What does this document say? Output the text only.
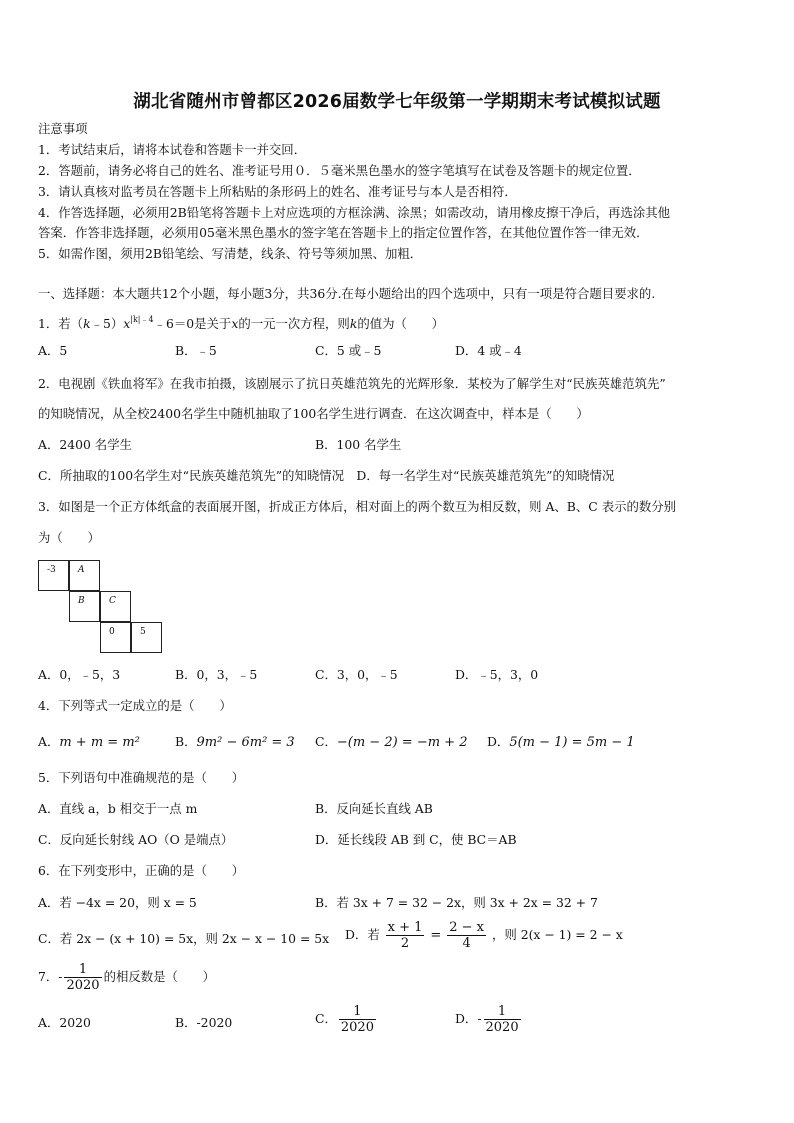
湖北省随州市曾都区2026届数学七年级第一学期期末考试模拟试题
注意事项
1．考试结束后，请将本试卷和答题卡一并交回．
2．答题前，请务必将自己的姓名、准考证号用０．５毫米黑色墨水的签字笔填写在试卷及答题卡的规定位置．
3．请认真核对监考员在答题卡上所粘贴的条形码上的姓名、准考证号与本人是否相符．
4．作答选择题，必须用2B铅笔将答题卡上对应选项的方框涂满、涂黑；如需改动，请用橡皮擦干净后，再选涂其他
答案．作答非选择题，必须用05毫米黑色墨水的签字笔在答题卡上的指定位置作答，在其他位置作答一律无效．
5．如需作图，须用2B铅笔绘、写清楚，线条、符号等须加黑、加粗．
一、选择题：本大题共12个小题，每小题3分，共36分.在每小题给出的四个选项中，只有一项是符合题目要求的.
1．若$(k﹣5)x^{|k|﹣4}﹣6=0$是关于x的一元一次方程，则k的值为（　　）
A．5	B．﹣5	C．5 或﹣5	D．4 或﹣4
2．电视剧《铁血将军》在我市拍摄，该剧展示了抗日英雄范筑先的光辉形象．某校为了解学生对“民族英雄范筑先”
的知晓情况，从全校2400名学生中随机抽取了100名学生进行调查．在这次调查中，样本是（　　）
A．2400 名学生	B．100 名学生
C．所抽取的100名学生对“民族英雄范筑先”的知晓情况　D．每一名学生对“民族英雄范筑先”的知晓情况
3．如图是一个正方体纸盒的表面展开图，折成正方体后，相对面上的两个数互为相反数，则 A、B、C 表示的数分别
为（　　）
-3	A
B	C
0	5
A．0，﹣5，3	B．0，3，﹣5	C．3，0，﹣5	D．﹣5，3，0
4．下列等式一定成立的是（　　）
A．m + m = m²	B．9m² − 6m² = 3 C．−(m − 2) = −m + 2 D．5(m − 1) = 5m − 1
5．下列语句中准确规范的是（　　）
A．直线 a，b 相交于一点 m	B．反向延长直线 AB
C．反向延长射线 AO（O 是端点）	D．延长线段 AB 到 C，使 BC＝AB
6．在下列变形中，正确的是（　　）
A．若 −4x = 20，则 x = 5	B．若 3x + 7 = 32 − 2x，则 3x + 2x = 32 + 7
C．若 2x − (x + 10) = 5x，则 2x − x − 10 = 5x D．若 $\frac{x + 1}{2} = \frac{2 - x}{4}$ ，则 2(x − 1) = 2 − x
7．- $\frac{1}{2020}$ 的相反数是（　　）
A．2020	B．-2020	C． $\frac{1}{2020}$	D．- $\frac{1}{2020}$
